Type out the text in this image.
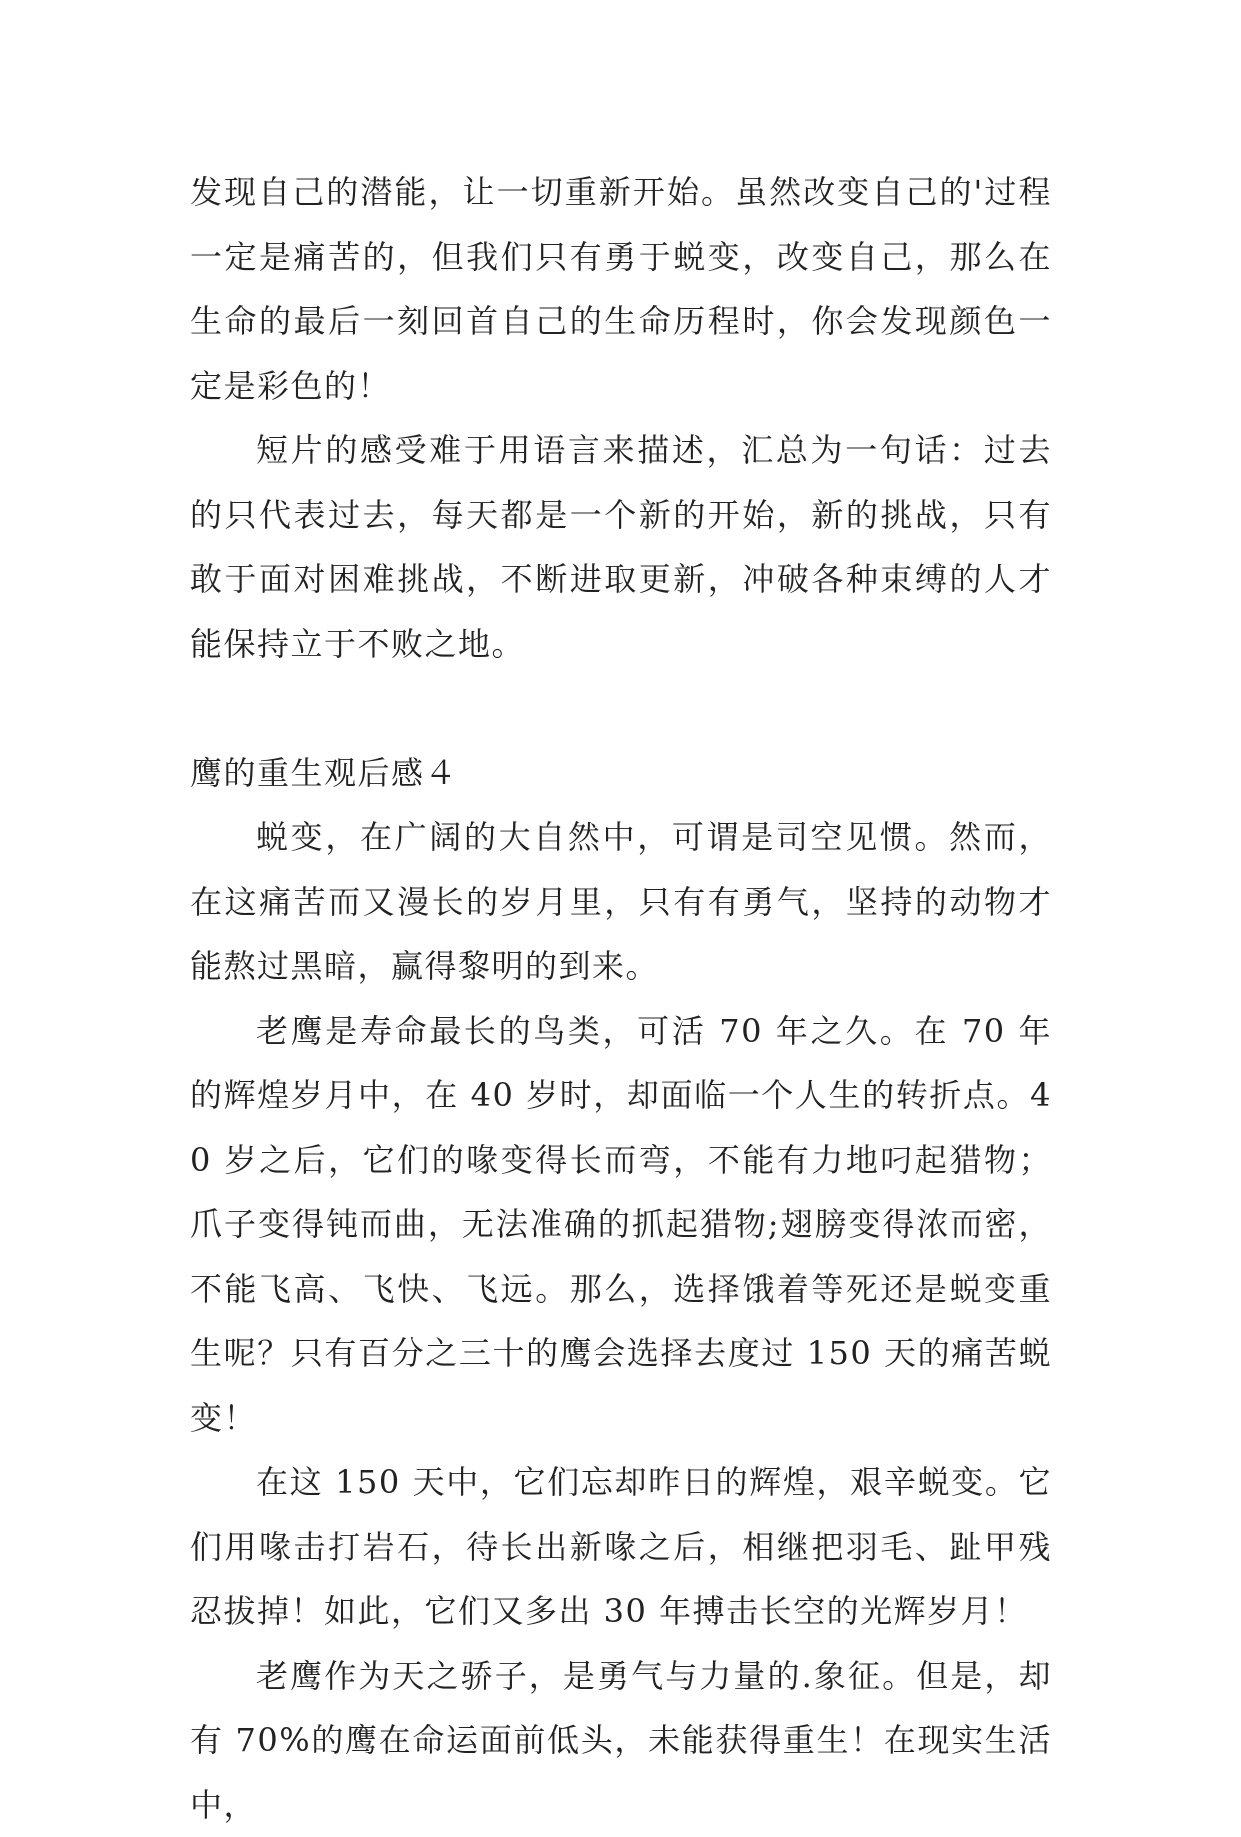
发现自己的潜能，让一切重新开始。虽然改变自己的'过程一定是痛苦的，但我们只有勇于蜕变，改变自己，那么在生命的最后一刻回首自己的生命历程时，你会发现颜色一定是彩色的！

短片的感受难于用语言来描述，汇总为一句话：过去的只代表过去，每天都是一个新的开始，新的挑战，只有敢于面对困难挑战，不断进取更新，冲破各种束缚的人才能保持立于不败之地。

鹰的重生观后感４

蜕变，在广阔的大自然中，可谓是司空见惯。然而，在这痛苦而又漫长的岁月里，只有有勇气，坚持的动物才能熬过黑暗，赢得黎明的到来。

老鹰是寿命最长的鸟类，可活 70 年之久。在 70 年的辉煌岁月中，在 40 岁时，却面临一个人生的转折点。40 岁之后，它们的喙变得长而弯，不能有力地叼起猎物；爪子变得钝而曲，无法准确的抓起猎物;翅膀变得浓而密，不能飞高、飞快、飞远。那么，选择饿着等死还是蜕变重生呢？只有百分之三十的鹰会选择去度过 150 天的痛苦蜕变！

在这 150 天中，它们忘却昨日的辉煌，艰辛蜕变。它们用喙击打岩石，待长出新喙之后，相继把羽毛、趾甲残忍拔掉！如此，它们又多出 30 年搏击长空的光辉岁月！

老鹰作为天之骄子，是勇气与力量的.象征。但是，却有 70%的鹰在命运面前低头，未能获得重生！在现实生活中，
